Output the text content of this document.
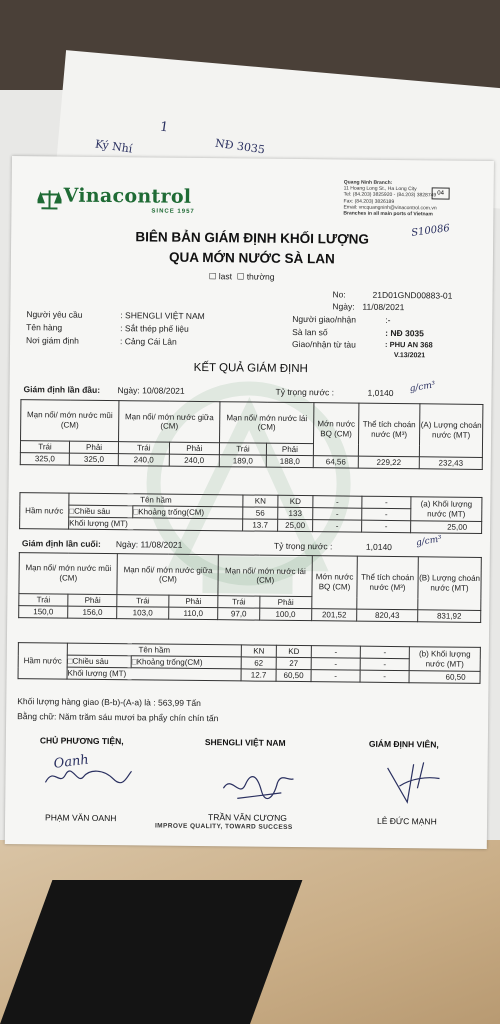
1
Ký Nhí	NĐ 3035
Vinacontrol
SINCE 1957
Quang Ninh Branch:
11 Hoang Long St., Ha Long City
Tel: (84.203) 3825920 - (84.203) 3828749
Fax: (84.203) 3826189
Email: vncquangninh@vinacontrol.com.vn
Branches in all main ports of Vietnam
04
S10086
BIÊN BẢN GIÁM ĐỊNH KHỐI LƯỢNG
QUA MỚN NƯỚC SÀ LAN
☐ last ☐ thường
No:	21D01GND00883-01
Ngày: 11/08/2021
Người yêu cầu	: SHENGLI VIỆT NAM
Tên hàng	: Sắt thép phế liệu
Nơi giám định	: Cảng Cái Lân
Người giao/nhận	:-
Sà lan số	: NĐ 3035
Giao/nhận từ tàu	: PHU AN 368
V.13/2021
KẾT QUẢ GIÁM ĐỊNH
Giám định lần đầu: Ngày: 10/08/2021	Tỷ trọng nước :	1,0140 g/cm³
Mạn nổi/ mớn nước mũi (CM)		Mạn nổi/ mớn nước giữa (CM)		Mạn nổi/ mớn nước lái (CM)		Mớn nước BQ (CM)	Thể tích choán nước (M³)	(A) Lượng choán nước (MT)
Trái	Phải	Trái	Phải	Trái	Phải			
325,0	325,0	240,0	240,0	189,0	188,0	64,56	229,22	232,43
Hầm nước	Tên hầm		KN	KD	-	-	(a) Khối lượng nước (MT)
	□Chiều sâu	□Khoảng trống(CM)	56	133	-	-	
	Khối lượng (MT)		13.7	25,00	-	-	25,00
Giám định lần cuối: Ngày: 11/08/2021	Tỷ trọng nước :	1,0140	g/cm³
Mạn nổi/ mớn nước mũi (CM)		Mạn nổi/ mớn nước giữa (CM)		Mạn nổi/ mớn nước lái (CM)		Mớn nước BQ (CM)	Thể tích choán nước (M³)	(B) Lượng choán nước (MT)
Trái	Phải	Trái	Phải	Trái	Phải			
150,0	156,0	103,0	110,0	97,0	100,0	201,52	820,43	831,92
Hầm nước	Tên hầm		KN	KD	-	-	(b) Khối lượng nước (MT)
	□Chiều sâu	□Khoảng trống(CM)	62	27	-	-	
	Khối lượng (MT)		12.7	60,50	-	-	60,50
Khối lượng hàng giao (B-b)-(A-a) là : 563,99 Tấn
Bằng chữ: Năm trăm sáu mươi ba phẩy chín chín tấn
CHỦ PHƯƠNG TIỆN,	SHENGLI VIỆT NAM	GIÁM ĐỊNH VIÊN,
Oanh
PHẠM VĂN OANH	TRẦN VĂN CƯƠNG	LÊ ĐỨC MẠNH
IMPROVE QUALITY, TOWARD SUCCESS
